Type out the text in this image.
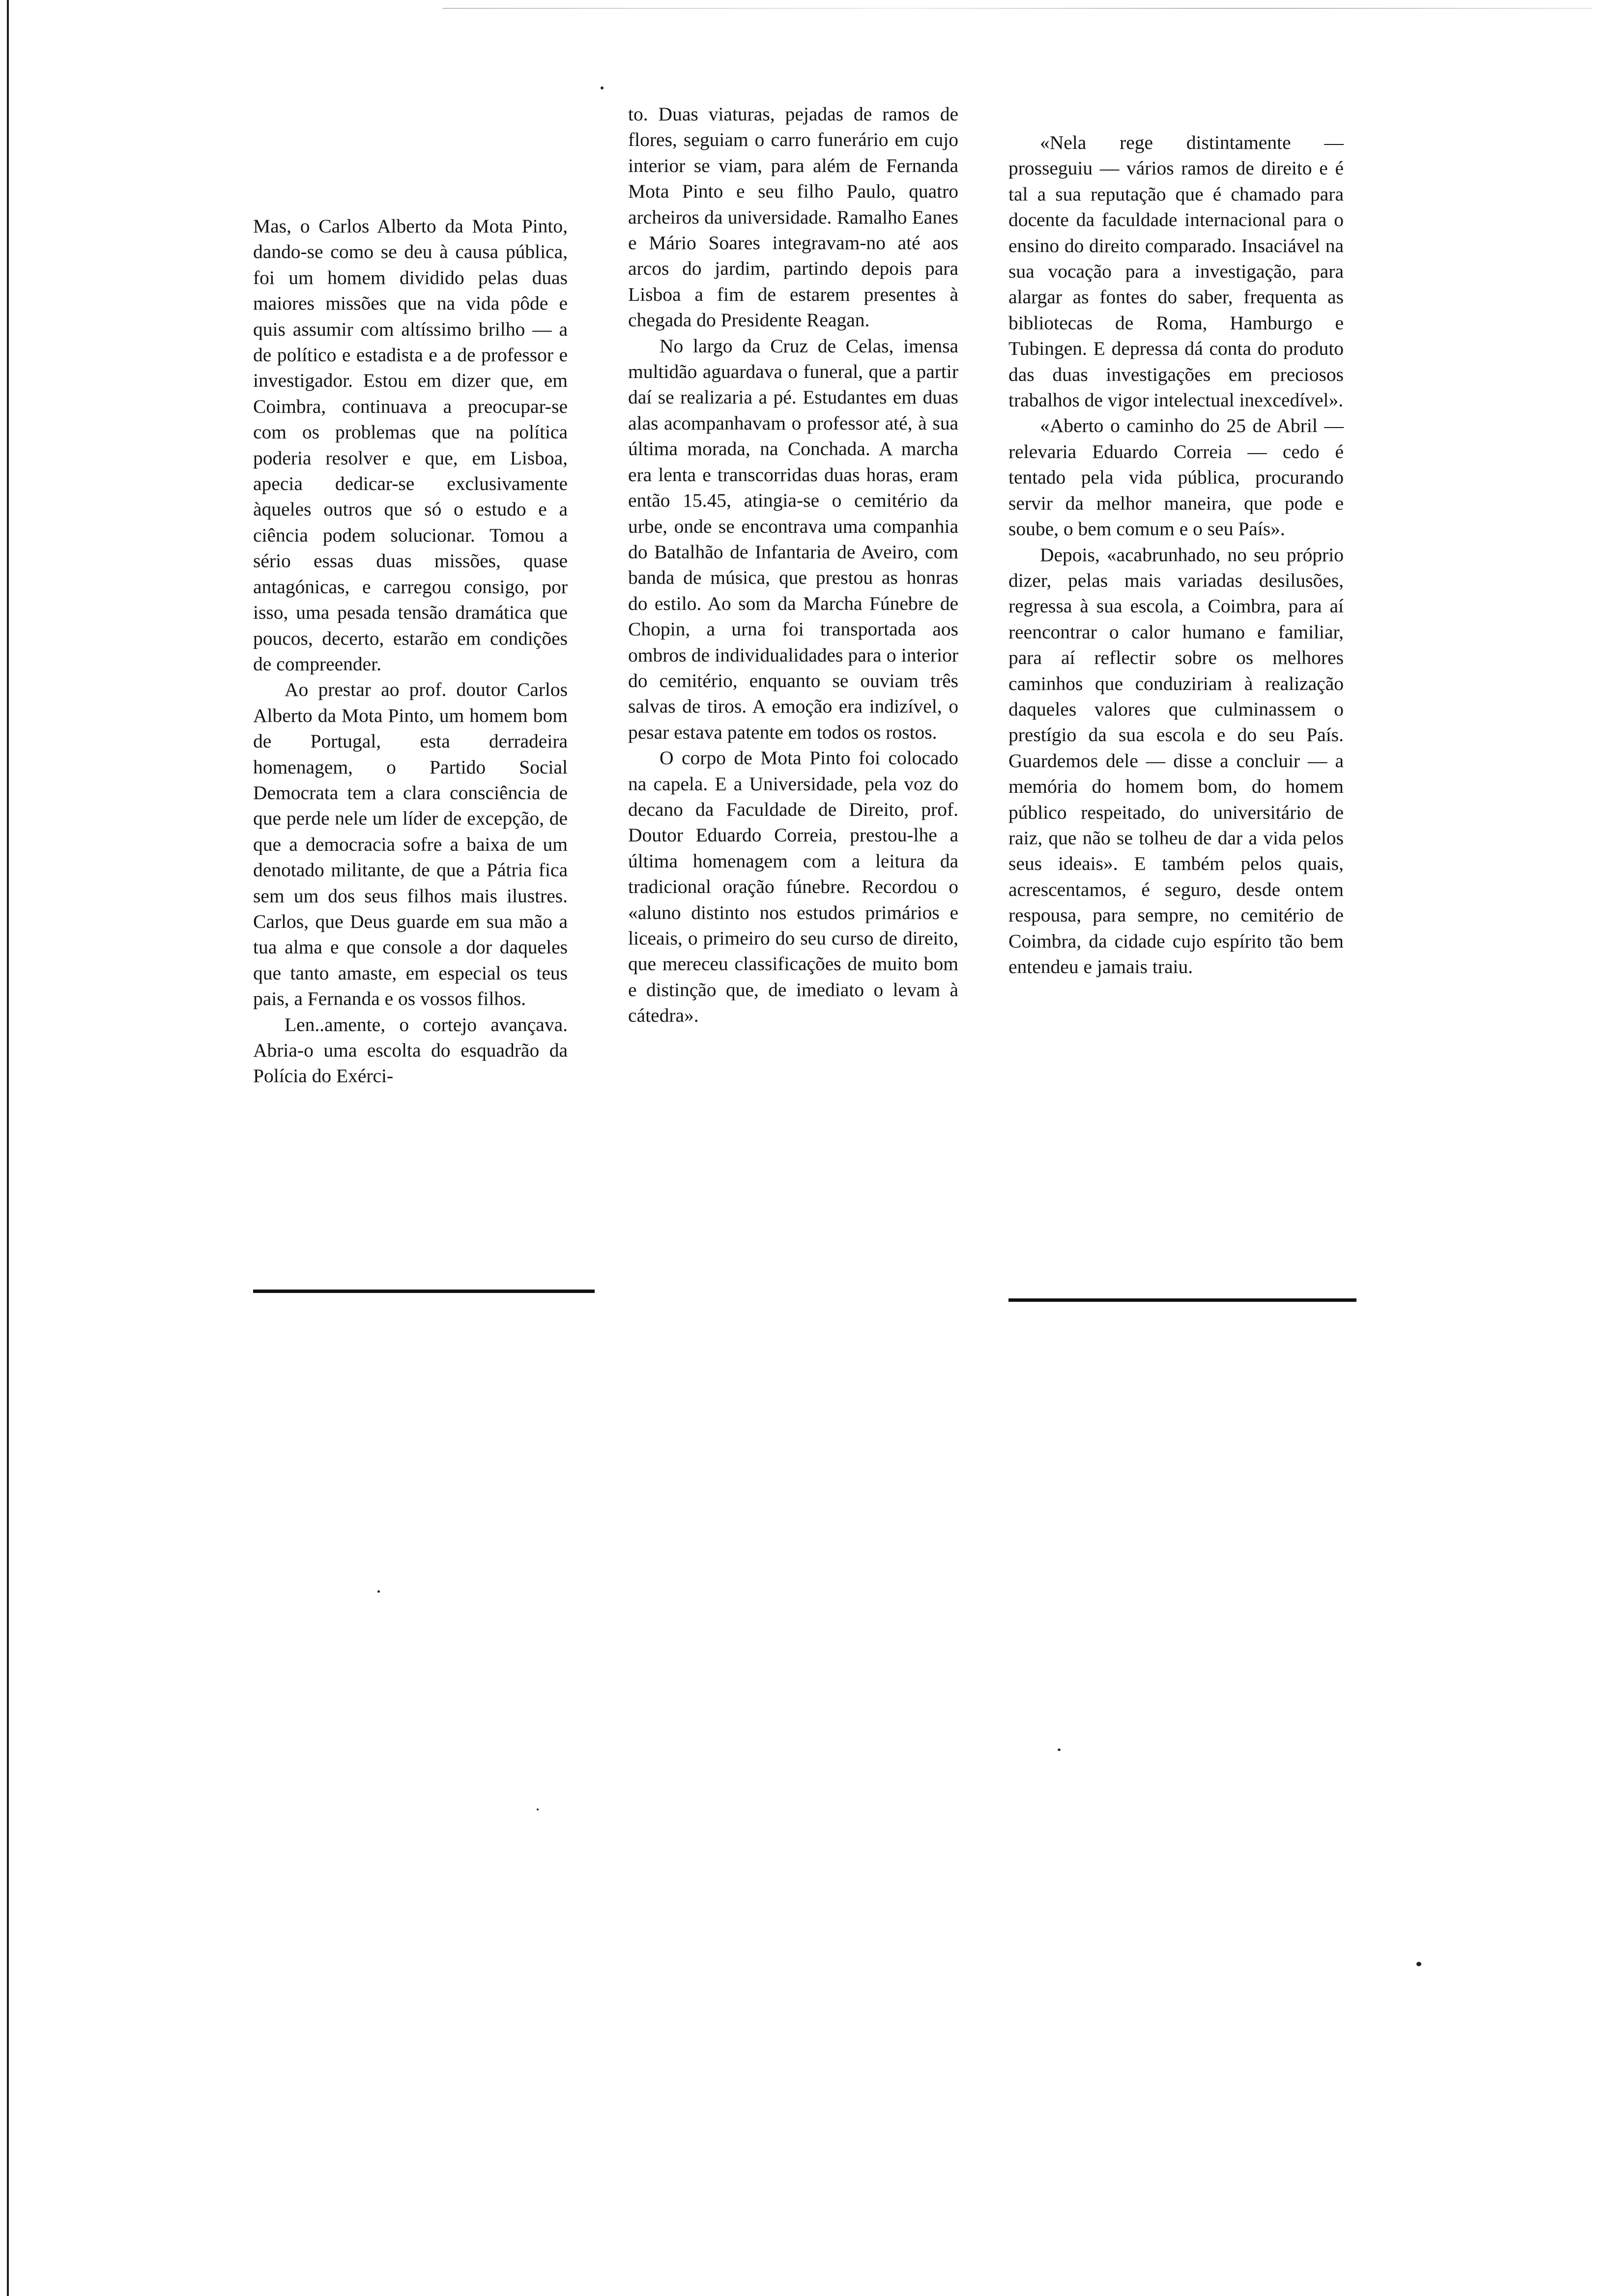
Mas, o Carlos Alberto da Mota Pinto, dando-se como se deu à causa pública, foi um homem dividido pelas duas maiores missões que na vida pôde e quis assumir com altíssimo brilho — a de político e estadista e a de professor e investigador. Estou em dizer que, em Coimbra, continuava a preocupar-se com os problemas que na política poderia resolver e que, em Lisboa, apecia dedicar-se exclusivamente àqueles outros que só o estudo e a ciência podem solucionar. Tomou a sério essas duas missões, quase antagónicas, e carregou consigo, por isso, uma pesada tensão dramática que poucos, decerto, estarão em condições de compreender.

Ao prestar ao prof. doutor Carlos Alberto da Mota Pinto, um homem bom de Portugal, esta derradeira homenagem, o Partido Social Democrata tem a clara consciência de que perde nele um líder de excepção, de que a democracia sofre a baixa de um denotado militante, de que a Pátria fica sem um dos seus filhos mais ilustres. Carlos, que Deus guarde em sua mão a tua alma e que console a dor daqueles que tanto amaste, em especial os teus pais, a Fernanda e os vossos filhos.

Len..amente, o cortejo avançava. Abria-o uma escolta do esquadrão da Polícia do Exérci-

to. Duas viaturas, pejadas de ramos de flores, seguiam o carro funerário em cujo interior se viam, para além de Fernanda Mota Pinto e seu filho Paulo, quatro archeiros da universidade. Ramalho Eanes e Mário Soares integravam-no até aos arcos do jardim, partindo depois para Lisboa a fim de estarem presentes à chegada do Presidente Reagan.

No largo da Cruz de Celas, imensa multidão aguardava o funeral, que a partir daí se realizaria a pé. Estudantes em duas alas acompanhavam o professor até, à sua última morada, na Conchada. A marcha era lenta e transcorridas duas horas, eram então 15.45, atingia-se o cemitério da urbe, onde se encontrava uma companhia do Batalhão de Infantaria de Aveiro, com banda de música, que prestou as honras do estilo. Ao som da Marcha Fúnebre de Chopin, a urna foi transportada aos ombros de individualidades para o interior do cemitério, enquanto se ouviam três salvas de tiros. A emoção era indizível, o pesar estava patente em todos os rostos.

O corpo de Mota Pinto foi colocado na capela. E a Universidade, pela voz do decano da Faculdade de Direito, prof. Doutor Eduardo Correia, prestou-lhe a última homenagem com a leitura da tradicional oração fúnebre. Recordou o «aluno distinto nos estudos primários e liceais, o primeiro do seu curso de direito, que mereceu classificações de muito bom e distinção que, de imediato o levam à cátedra».

«Nela rege distintamente — prosseguiu — vários ramos de direito e é tal a sua reputação que é chamado para docente da faculdade internacional para o ensino do direito comparado. Insaciável na sua vocação para a investigação, para alargar as fontes do saber, frequenta as bibliotecas de Roma, Hamburgo e Tubingen. E depressa dá conta do produto das duas investigações em preciosos trabalhos de vigor intelectual inexcedível».

«Aberto o caminho do 25 de Abril — relevaria Eduardo Correia — cedo é tentado pela vida pública, procurando servir da melhor maneira, que pode e soube, o bem comum e o seu País».

Depois, «acabrunhado, no seu próprio dizer, pelas mais variadas desilusões, regressa à sua escola, a Coimbra, para aí reencontrar o calor humano e familiar, para aí reflectir sobre os melhores caminhos que conduziriam à realização daqueles valores que culminassem o prestígio da sua escola e do seu País. Guardemos dele — disse a concluir — a memória do homem bom, do homem público respeitado, do universitário de raiz, que não se tolheu de dar a vida pelos seus ideais». E também pelos quais, acrescentamos, é seguro, desde ontem respousa, para sempre, no cemitério de Coimbra, da cidade cujo espírito tão bem entendeu e jamais traiu.
